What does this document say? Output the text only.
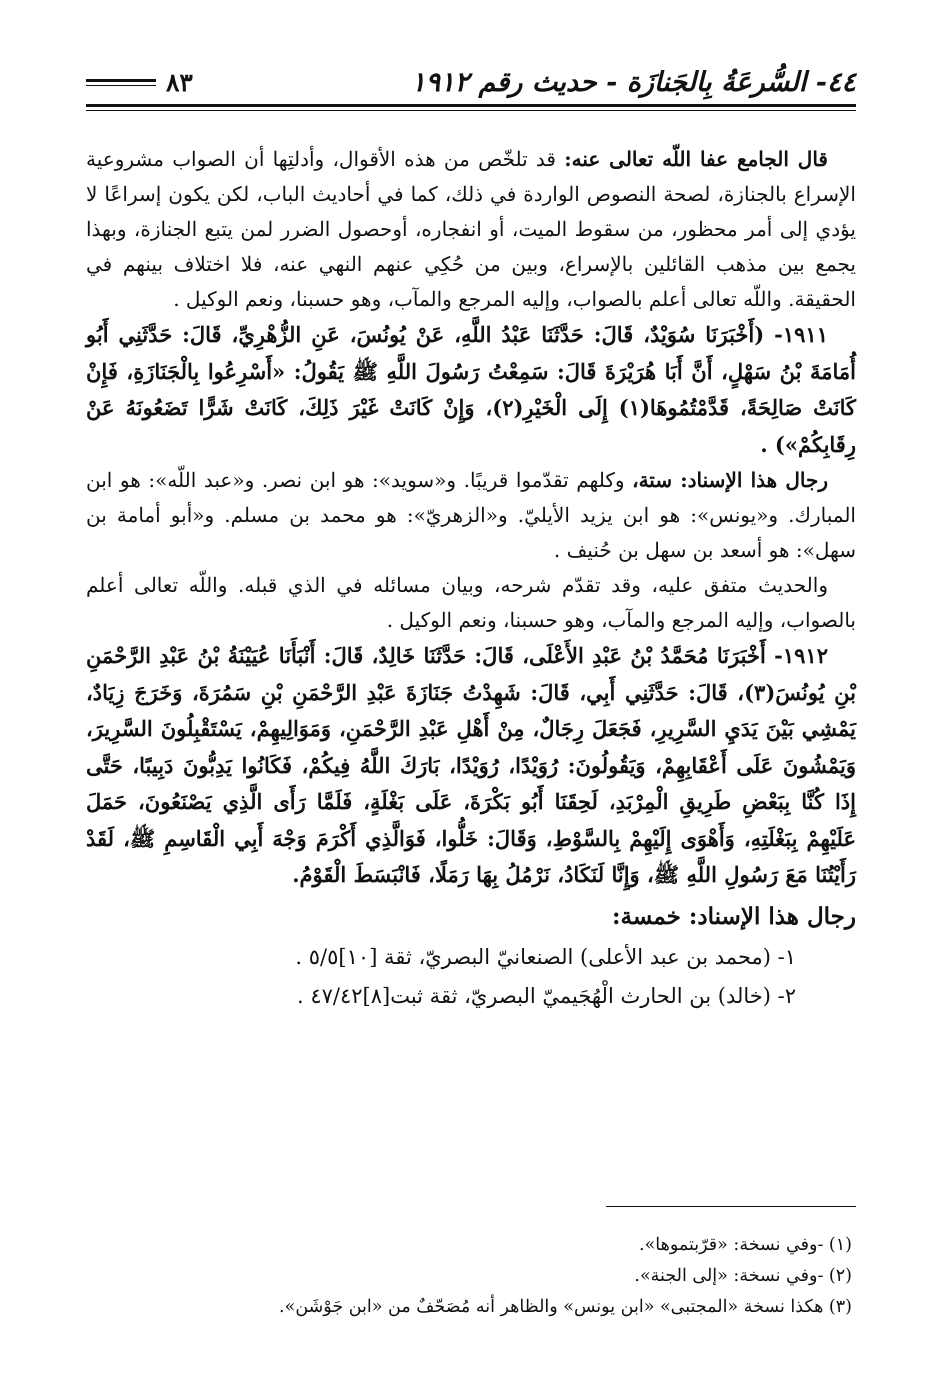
٤٤- السُّرعَةُ بِالجَنازَة - حديث رقم ١٩١٢
٨٣

قال الجامع عفا اللّه تعالى عنه: قد تلخّص من هذه الأقوال، وأدلتِها أن الصواب مشروعية الإسراع بالجنازة، لصحة النصوص الواردة في ذلك، كما في أحاديث الباب، لكن يكون إسراعًا لا يؤدي إلى أمر محظور، من سقوط الميت، أو انفجاره، أوحصول الضرر لمن يتبع الجنازة، وبهذا يجمع بين مذهب القائلين بالإسراع، وبين من حُكِي عنهم النهي عنه، فلا اختلاف بينهم في الحقيقة. واللّه تعالى أعلم بالصواب، وإليه المرجع والمآب، وهو حسبنا، ونعم الوكيل .

١٩١١- (أَخْبَرَنَا سُوَيْدٌ، قَالَ: حَدَّثَنَا عَبْدُ اللَّهِ، عَنْ يُونُسَ، عَنِ الزُّهْرِيِّ، قَالَ: حَدَّثَنِي أَبُو أُمَامَةَ بْنُ سَهْلٍ، أَنَّ أَبَا هُرَيْرَةَ قَالَ: سَمِعْتُ رَسُولَ اللَّهِ ﷺ يَقُولُ: «أَسْرِعُوا بِالْجَنَازَةِ، فَإِنْ كَانَتْ صَالِحَةً، قَدَّمْتُمُوهَا(١) إِلَى الْخَيْرِ(٢)، وَإِنْ كَانَتْ غَيْرَ ذَلِكَ، كَانَتْ شَرًّا تَضَعُونَهُ عَنْ رِقَابِكُمْ») .

رجال هذا الإسناد: ستة، وكلهم تقدّموا قريبًا. و«سويد»: هو ابن نصر. و«عبد اللّه»: هو ابن المبارك. و«يونس»: هو ابن يزيد الأيليّ. و«الزهريّ»: هو محمد بن مسلم. و«أبو أمامة بن سهل»: هو أسعد بن سهل بن حُنيف .

والحديث متفق عليه، وقد تقدّم شرحه، وبيان مسائله في الذي قبله. واللّه تعالى أعلم بالصواب، وإليه المرجع والمآب، وهو حسبنا، ونعم الوكيل .

١٩١٢- أَخْبَرَنَا مُحَمَّدُ بْنُ عَبْدِ الأَعْلَى، قَالَ: حَدَّثَنَا خَالِدٌ، قَالَ: أَنْبَأَنَا عُيَيْنَةُ بْنُ عَبْدِ الرَّحْمَنِ بْنِ يُونُسَ(٣)، قَالَ: حَدَّثَنِي أَبِي، قَالَ: شَهِدْتُ جَنَازَةَ عَبْدِ الرَّحْمَنِ بْنِ سَمُرَةَ، وَخَرَجَ زِيَادٌ، يَمْشِي بَيْنَ يَدَيِ السَّرِيرِ، فَجَعَلَ رِجَالٌ، مِنْ أَهْلِ عَبْدِ الرَّحْمَنِ، وَمَوَالِيهِمْ، يَسْتَقْبِلُونَ السَّرِيرَ، وَيَمْشُونَ عَلَى أَعْقَابِهِمْ، وَيَقُولُونَ: رُوَيْدًا، رُوَيْدًا، بَارَكَ اللَّهُ فِيكُمْ، فَكَانُوا يَدِبُّونَ دَبِيبًا، حَتَّى إِذَا كُنَّا بِبَعْضِ طَرِيقِ الْمِرْبَدِ، لَحِقَنَا أَبُو بَكْرَةَ، عَلَى بَغْلَةٍ، فَلَمَّا رَأَى الَّذِي يَصْنَعُونَ، حَمَلَ عَلَيْهِمْ بِبَغْلَتِهِ، وَأَهْوَى إِلَيْهِمْ بِالسَّوْطِ، وَقَالَ: خَلُّوا، فَوَالَّذِي أَكْرَمَ وَجْهَ أَبِي الْقَاسِمِ ﷺ، لَقَدْ رَأَيْتُنَا مَعَ رَسُولِ اللَّهِ ﷺ، وَإِنَّا لَنَكَادُ، نَرْمُلُ بِهَا رَمَلًا، فَانْبَسَطَ الْقَوْمُ.

رجال هذا الإسناد: خمسة:
١- (محمد بن عبد الأعلى) الصنعانيّ البصريّ، ثقة [١٠]٥/٥ .
٢- (خالد) بن الحارث الْهُجَيميّ البصريّ، ثقة ثبت[٨]٤٧/٤٢ .
(١) -وفي نسخة: «قرّبتموها».
(٢) -وفي نسخة: «إلى الجنة».
(٣) هكذا نسخة «المجتبى» «ابن يونس» والظاهر أنه مُصَحّفٌ من «ابن جَوْشَن».
